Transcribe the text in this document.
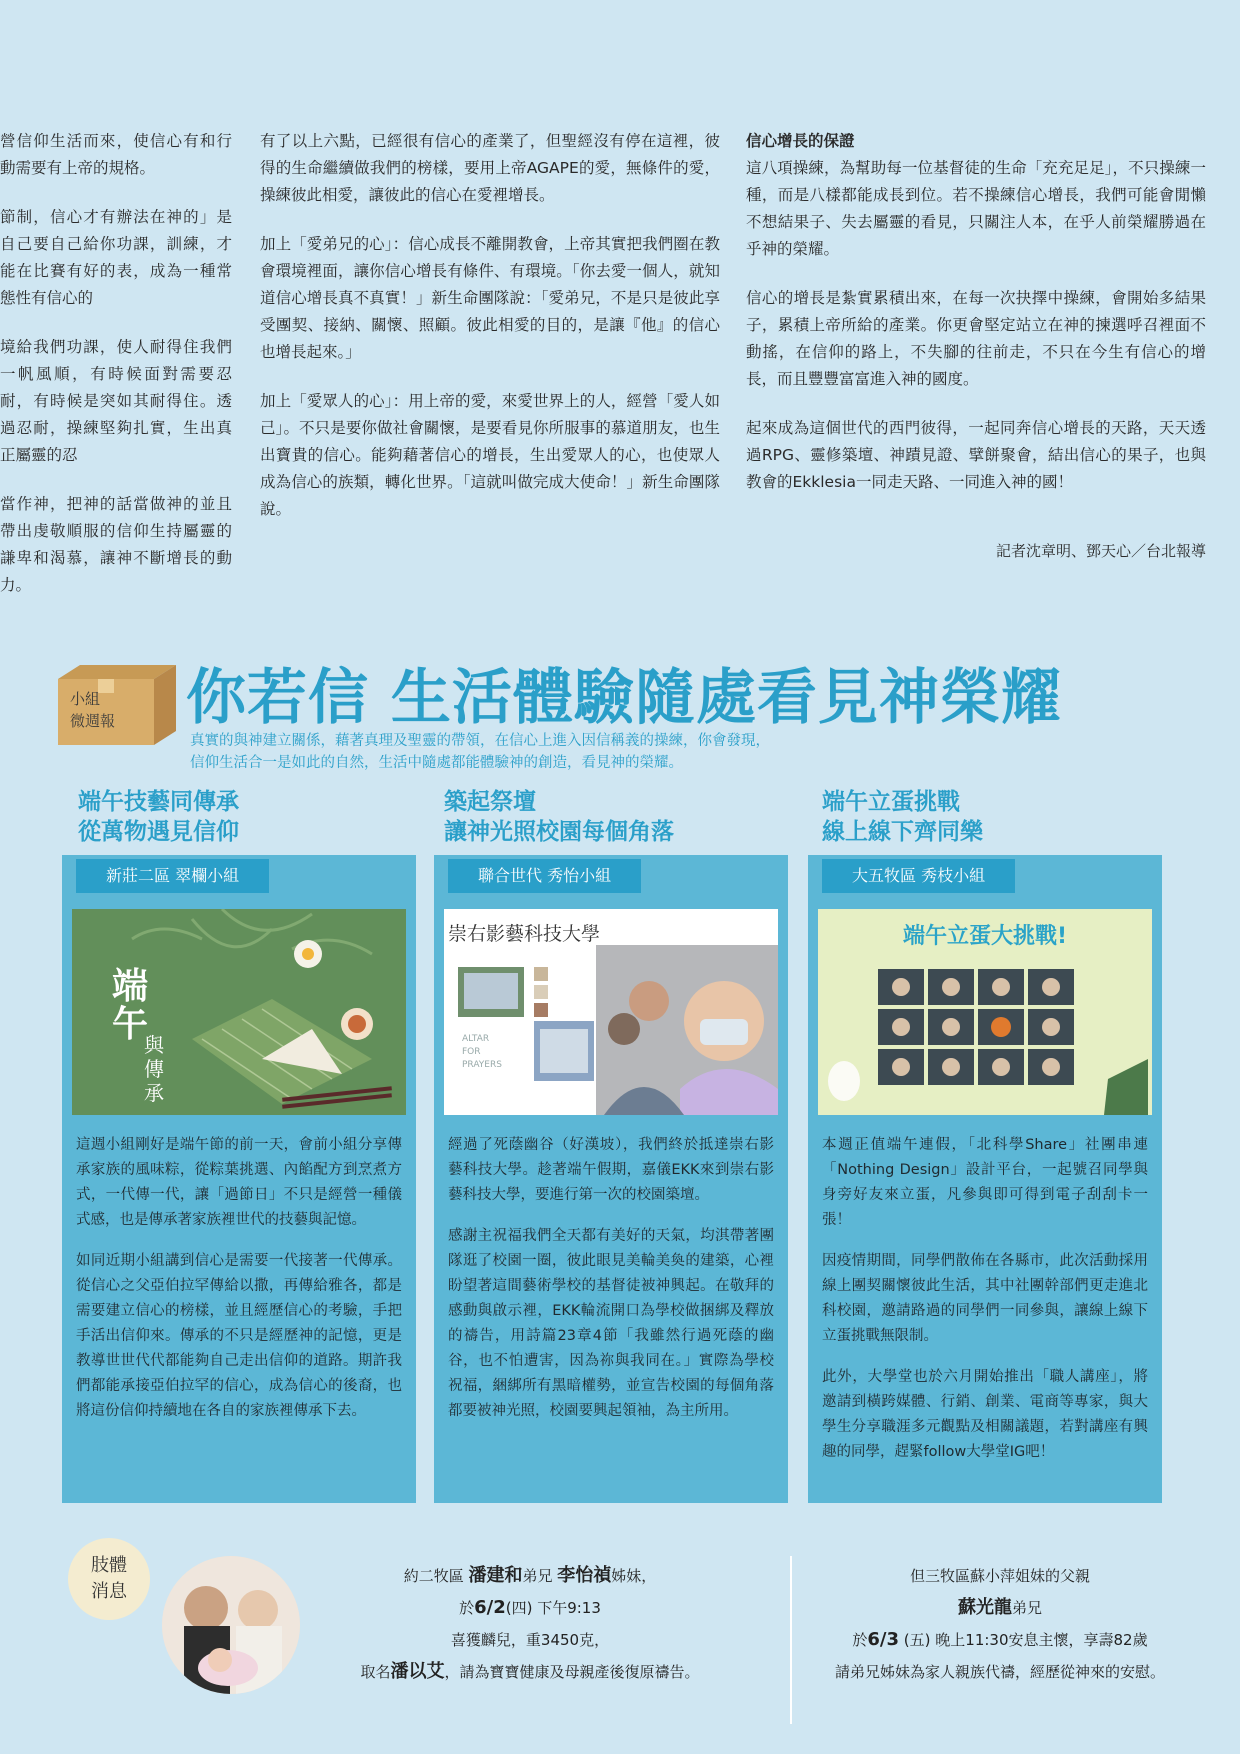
營信仰生活而來，使信心有和行動需要有上帝的規格。

節制，信心才有辦法在神的」是自己要自己給你功課，訓練，才能在比賽有好的表，成為一種常態性有信心的

境給我們功課，使人耐得住我們一帆風順，有時候面對需要忍耐，有時候是突如其耐得住。透過忍耐，操練堅夠扎實，生出真正屬靈的忍

當作神，把神的話當做神的並且帶出虔敬順服的信仰生持屬靈的謙卑和渴慕，讓神不斷增長的動力。

有了以上六點，已經很有信心的產業了，但聖經沒有停在這裡，彼得的生命繼續做我們的榜樣，要用上帝AGAPE的愛，無條件的愛，操練彼此相愛，讓彼此的信心在愛裡增長。

加上「愛弟兄的心」：信心成長不離開教會，上帝其實把我們圈在教會環境裡面，讓你信心增長有條件、有環境。「你去愛一個人，就知道信心增長真不真實！」新生命團隊說：「愛弟兄，不是只是彼此享受團契、接納、關懷、照顧。彼此相愛的目的，是讓『他』的信心也增長起來。」

加上「愛眾人的心」：用上帝的愛，來愛世界上的人，經營「愛人如己」。不只是要你做社會關懷，是要看見你所服事的慕道朋友，也生出寶貴的信心。能夠藉著信心的增長，生出愛眾人的心，也使眾人成為信心的族類，轉化世界。「這就叫做完成大使命！」新生命團隊說。

信心增長的保證

這八項操練，為幫助每一位基督徒的生命「充充足足」，不只操練一種，而是八樣都能成長到位。若不操練信心增長，我們可能會閒懶不想結果子、失去屬靈的看見，只關注人本，在乎人前榮耀勝過在乎神的榮耀。

信心的增長是紮實累積出來，在每一次抉擇中操練，會開始多結果子，累積上帝所給的產業。你更會堅定站立在神的揀選呼召裡面不動搖，在信仰的路上，不失腳的往前走，不只在今生有信心的增長，而且豐豐富富進入神的國度。

起來成為這個世代的西門彼得，一起同奔信心增長的天路，天天透過RPG、靈修築壇、神蹟見證、擘餅聚會，結出信心的果子，也與教會的Ekklesia一同走天路、一同進入神的國！

記者沈章明、鄧天心／台北報導
小組
微週報 你若信 生活體驗隨處看見神榮耀
真實的與神建立關係，藉著真理及聖靈的帶領，在信心上進入因信稱義的操練，你會發現，
信仰生活合一是如此的自然，生活中隨處都能體驗神的創造，看見神的榮耀。
端午技藝同傳承
從萬物遇見信仰
築起祭壇
讓神光照校園每個角落
端午立蛋挑戰
線上線下齊同樂
新莊二區 翠欄小組
端
午
與
傳
承

這週小組剛好是端午節的前一天，會前小組分享傳承家族的風味粽，從粽葉挑選、內餡配方到烹煮方式，一代傳一代，讓「過節日」不只是經營一種儀式感，也是傳承著家族裡世代的技藝與記憶。

如同近期小組講到信心是需要一代接著一代傳承。從信心之父亞伯拉罕傳給以撒，再傳給雅各，都是需要建立信心的榜樣，並且經歷信心的考驗，手把手活出信仰來。傳承的不只是經歷神的記憶，更是教導世世代代都能夠自己走出信仰的道路。期許我們都能承接亞伯拉罕的信心，成為信心的後裔，也將這份信仰持續地在各自的家族裡傳承下去。

聯合世代 秀怡小組
崇右影藝科技大學
ALTAR
FOR
PRAYERS

經過了死蔭幽谷（好漢坡），我們終於抵達崇右影藝科技大學。趁著端午假期，嘉儀EKK來到崇右影藝科技大學，要進行第一次的校園築壇。

感謝主祝福我們全天都有美好的天氣，均淇帶著團隊逛了校園一圈，彼此眼見美輪美奐的建築，心裡盼望著這間藝術學校的基督徒被神興起。在敬拜的感動與啟示裡，EKK輪流開口為學校做捆綁及釋放的禱告，用詩篇23章4節「我雖然行過死蔭的幽谷，也不怕遭害，因為祢與我同在。」實際為學校祝福，綑綁所有黑暗權勢，並宣告校園的每個角落都要被神光照，校園要興起領袖，為主所用。

大五牧區 秀枝小組
端午立蛋大挑戰!

本週正值端午連假，「北科學Share」社團串連「Nothing Design」設計平台，一起號召同學與身旁好友來立蛋，凡參與即可得到電子刮刮卡一張！

因疫情期間，同學們散佈在各縣市，此次活動採用線上團契關懷彼此生活，其中社團幹部們更走進北科校園，邀請路過的同學們一同參與，讓線上線下立蛋挑戰無限制。

此外，大學堂也於六月開始推出「職人講座」，將邀請到橫跨媒體、行銷、創業、電商等專家，與大學生分享職涯多元觀點及相關議題，若對講座有興趣的同學，趕緊follow大學堂IG吧！

肢體
消息
約二牧區 潘建和弟兄 李怡禎姊妹，
於6/2(四) 下午9:13
喜獲麟兒，重3450克，
取名潘以艾，請為寶寶健康及母親產後復原禱告。
但三牧區蘇小萍姐妹的父親
蘇光龍弟兄
於6/3 (五) 晚上11:30安息主懷，享壽82歲
請弟兄姊妹為家人親族代禱，經歷從神來的安慰。
